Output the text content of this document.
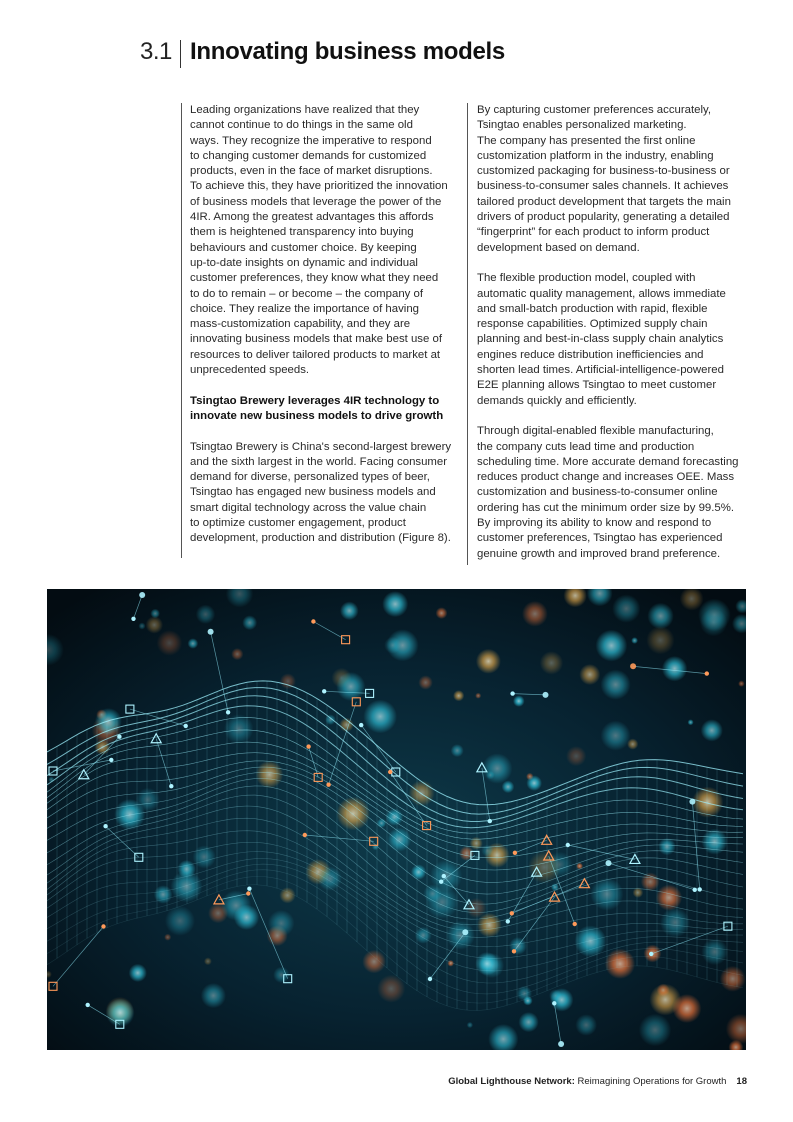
3.1 Innovating business models

Leading organizations have realized that they
cannot continue to do things in the same old
ways. They recognize the imperative to respond
to changing customer demands for customized
products, even in the face of market disruptions.
To achieve this, they have prioritized the innovation
of business models that leverage the power of the
4IR. Among the greatest advantages this affords
them is heightened transparency into buying
behaviours and customer choice. By keeping
up-to-date insights on dynamic and individual
customer preferences, they know what they need
to do to remain – or become – the company of
choice. They realize the importance of having
mass-customization capability, and they are
innovating business models that make best use of
resources to deliver tailored products to market at
unprecedented speeds.

Tsingtao Brewery leverages 4IR technology to
innovate new business models to drive growth

Tsingtao Brewery is China's second-largest brewery
and the sixth largest in the world. Facing consumer
demand for diverse, personalized types of beer,
Tsingtao has engaged new business models and
smart digital technology across the value chain
to optimize customer engagement, product
development, production and distribution (Figure 8).

By capturing customer preferences accurately,
Tsingtao enables personalized marketing.
The company has presented the first online
customization platform in the industry, enabling
customized packaging for business-to-business or
business-to-consumer sales channels. It achieves
tailored product development that targets the main
drivers of product popularity, generating a detailed
“fingerprint” for each product to inform product
development based on demand.

The flexible production model, coupled with
automatic quality management, allows immediate
and small-batch production with rapid, flexible
response capabilities. Optimized supply chain
planning and best-in-class supply chain analytics
engines reduce distribution inefficiencies and
shorten lead times. Artificial-intelligence-powered
E2E planning allows Tsingtao to meet customer
demands quickly and efficiently.

Through digital-enabled flexible manufacturing,
the company cuts lead time and production
scheduling time. More accurate demand forecasting
reduces product change and increases OEE. Mass
customization and business-to-consumer online
ordering has cut the minimum order size by 99.5%.
By improving its ability to know and respond to
customer preferences, Tsingtao has experienced
genuine growth and improved brand preference.

Global Lighthouse Network: Reimagining Operations for Growth 18
